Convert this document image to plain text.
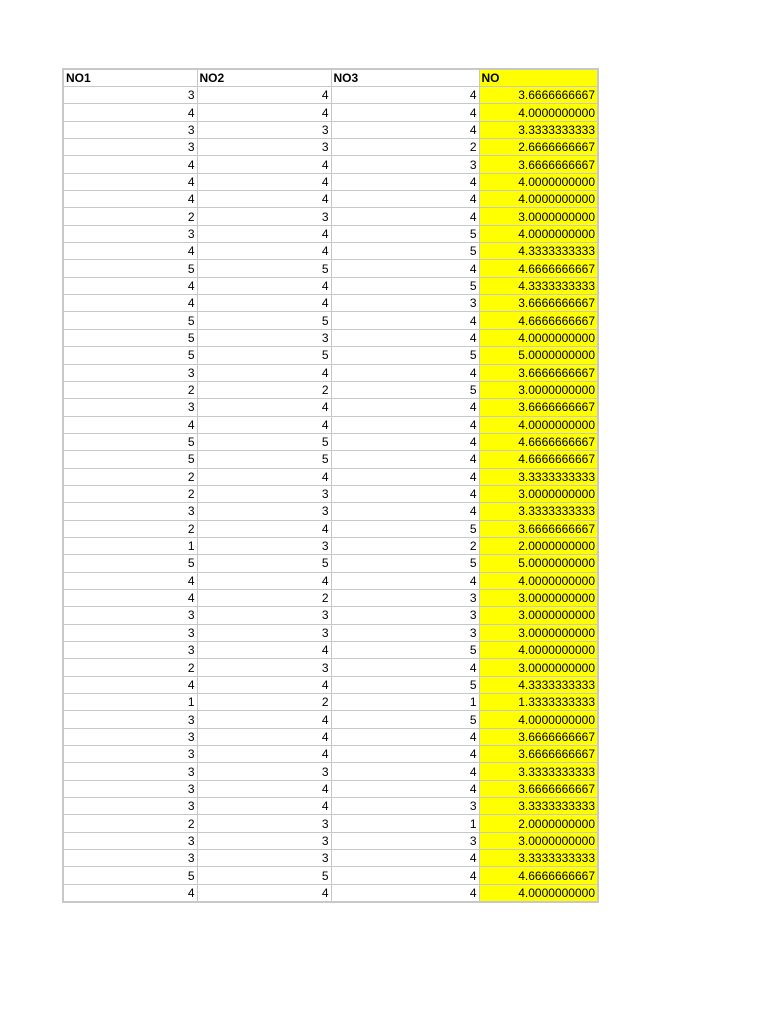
NO1	NO2	NO3	NO
3	4	4	3.6666666667
4	4	4	4.0000000000
3	3	4	3.3333333333
3	3	2	2.6666666667
4	4	3	3.6666666667
4	4	4	4.0000000000
4	4	4	4.0000000000
2	3	4	3.0000000000
3	4	5	4.0000000000
4	4	5	4.3333333333
5	5	4	4.6666666667
4	4	5	4.3333333333
4	4	3	3.6666666667
5	5	4	4.6666666667
5	3	4	4.0000000000
5	5	5	5.0000000000
3	4	4	3.6666666667
2	2	5	3.0000000000
3	4	4	3.6666666667
4	4	4	4.0000000000
5	5	4	4.6666666667
5	5	4	4.6666666667
2	4	4	3.3333333333
2	3	4	3.0000000000
3	3	4	3.3333333333
2	4	5	3.6666666667
1	3	2	2.0000000000
5	5	5	5.0000000000
4	4	4	4.0000000000
4	2	3	3.0000000000
3	3	3	3.0000000000
3	3	3	3.0000000000
3	4	5	4.0000000000
2	3	4	3.0000000000
4	4	5	4.3333333333
1	2	1	1.3333333333
3	4	5	4.0000000000
3	4	4	3.6666666667
3	4	4	3.6666666667
3	3	4	3.3333333333
3	4	4	3.6666666667
3	4	3	3.3333333333
2	3	1	2.0000000000
3	3	3	3.0000000000
3	3	4	3.3333333333
5	5	4	4.6666666667
4	4	4	4.0000000000
